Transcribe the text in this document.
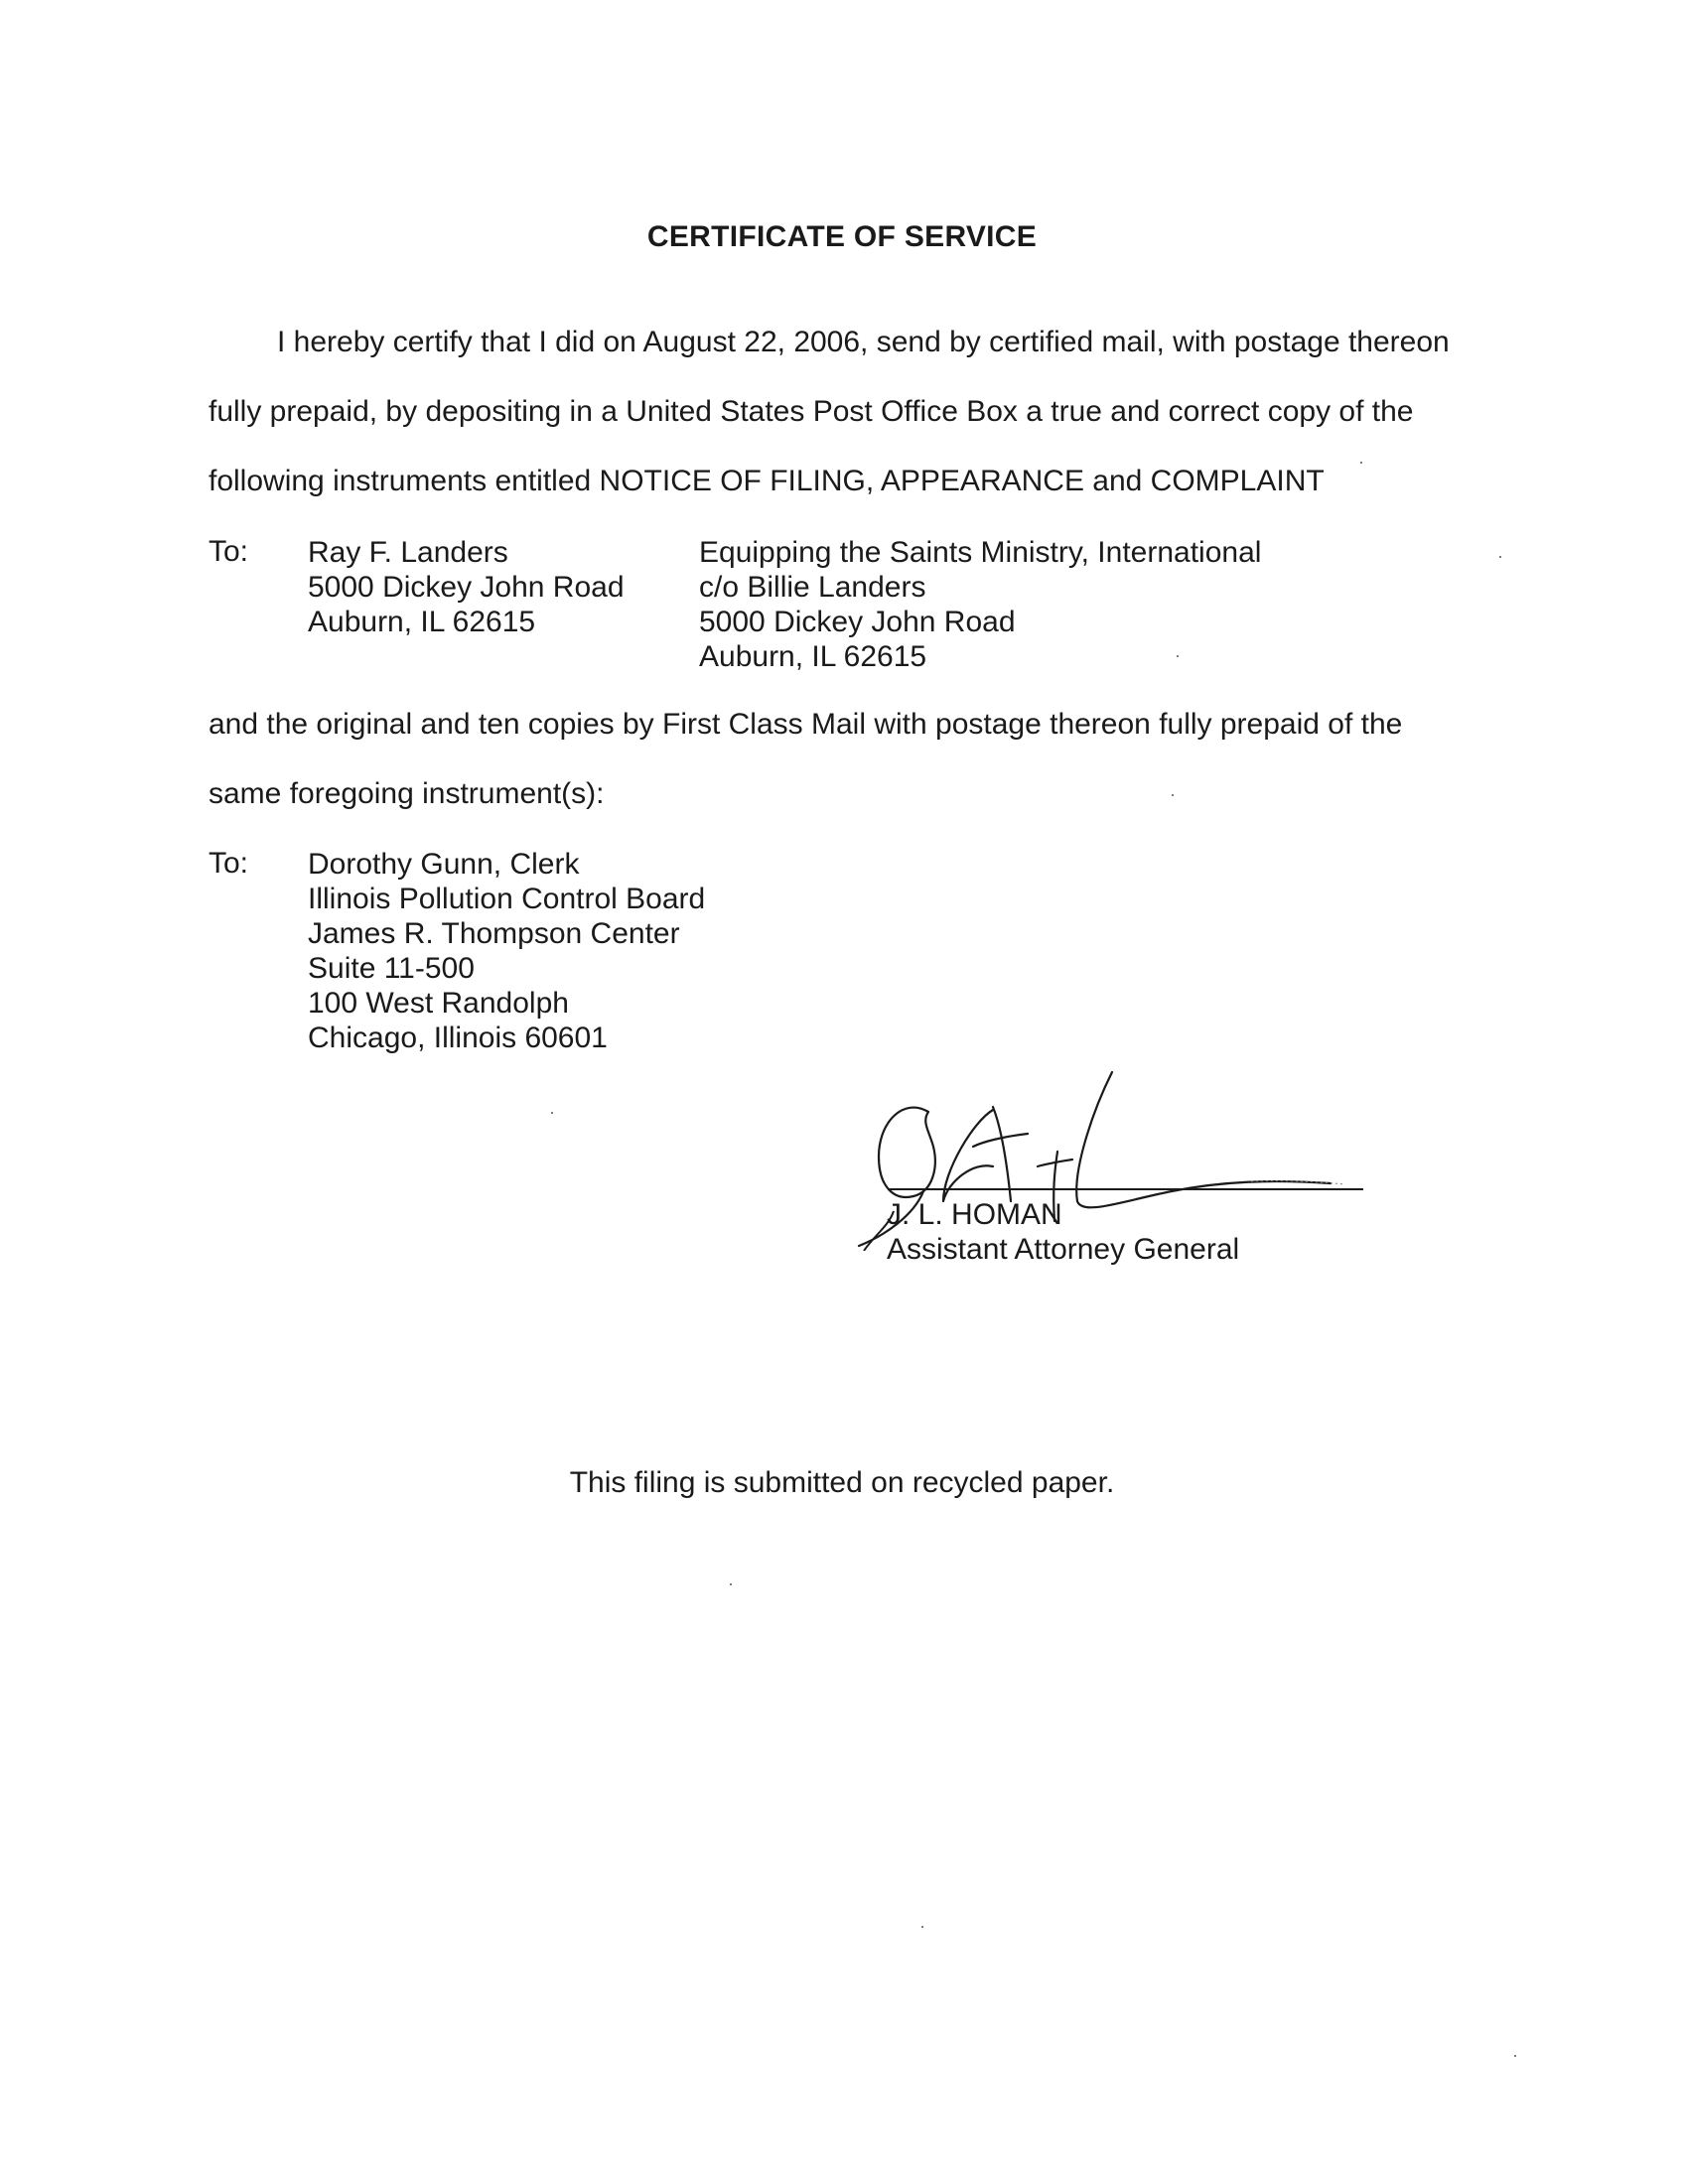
CERTIFICATE OF SERVICE
I hereby certify that I did on August 22, 2006, send by certified mail, with postage thereon
fully prepaid, by depositing in a United States Post Office Box a true and correct copy of the
following instruments entitled NOTICE OF FILING, APPEARANCE and COMPLAINT
To: Ray F. Landers
5000 Dickey John Road
Auburn, IL 62615
Equipping the Saints Ministry, International
c/o Billie Landers
5000 Dickey John Road
Auburn, IL 62615
and the original and ten copies by First Class Mail with postage thereon fully prepaid of the
same foregoing instrument(s):
To: Dorothy Gunn, Clerk
Illinois Pollution Control Board
James R. Thompson Center
Suite 11-500
100 West Randolph
Chicago, Illinois 60601
J. L. HOMAN
Assistant Attorney General
This filing is submitted on recycled paper.
